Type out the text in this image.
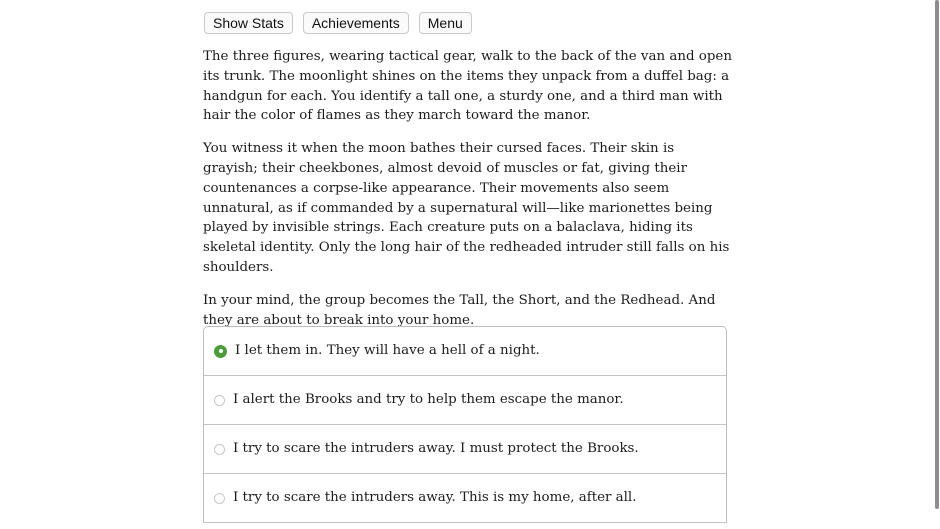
Show Stats	Achievements	Menu

The three figures, wearing tactical gear, walk to the back of the van and open its trunk. The moonlight shines on the items they unpack from a duffel bag: a handgun for each. You identify a tall one, a sturdy one, and a third man with hair the color of flames as they march toward the manor.

You witness it when the moon bathes their cursed faces. Their skin is grayish; their cheekbones, almost devoid of muscles or fat, giving their countenances a corpse-like appearance. Their movements also seem unnatural, as if commanded by a supernatural will—like marionettes being played by invisible strings. Each creature puts on a balaclava, hiding its skeletal identity. Only the long hair of the redheaded intruder still falls on his shoulders.

In your mind, the group becomes the Tall, the Short, and the Redhead. And they are about to break into your home.

I let them in. They will have a hell of a night.
I alert the Brooks and try to help them escape the manor.
I try to scare the intruders away. I must protect the Brooks.
I try to scare the intruders away. This is my home, after all.
